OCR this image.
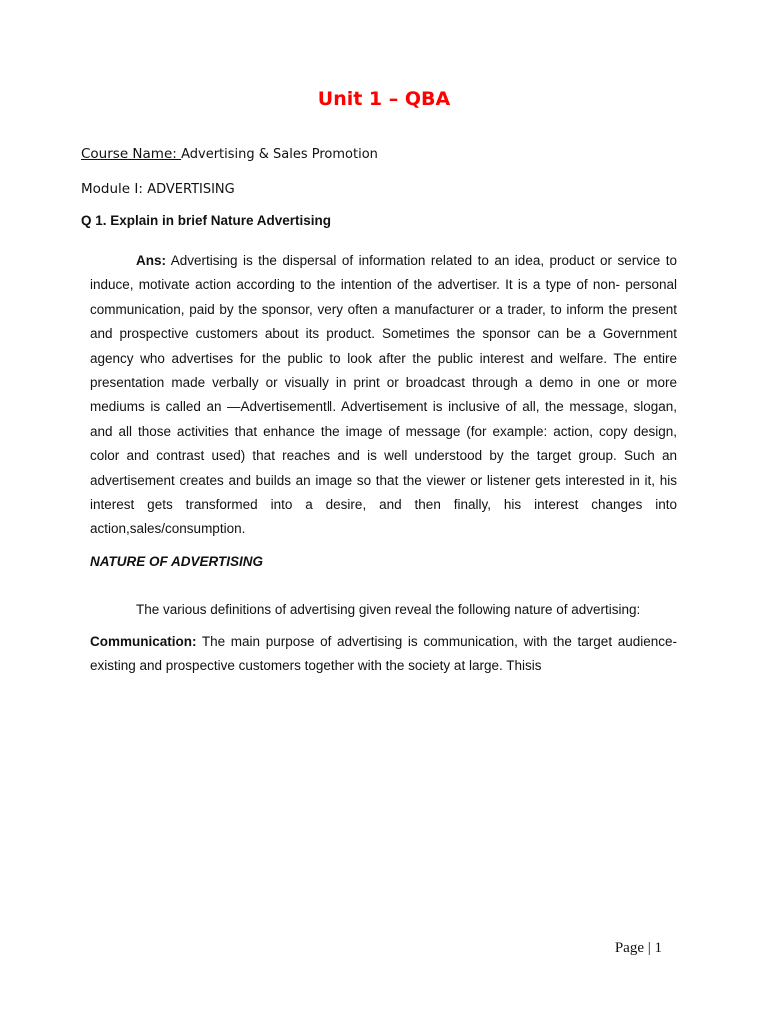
Unit 1 – QBA
Course Name: Advertising & Sales Promotion
Module I: ADVERTISING
Q 1. Explain in brief Nature Advertising
Ans: Advertising is the dispersal of information related to an idea, product or service to induce, motivate action according to the intention of the advertiser. It is a type of non- personal communication, paid by the sponsor, very often a manufacturer or a trader, to inform the present and prospective customers about its product. Sometimes the sponsor can be a Government agency who advertises for the public to look after the public interest and welfare. The entire presentation made verbally or visually in print or broadcast through a demo in one or more mediums is called an —Advertisement‖. Advertisement is inclusive of all, the message, slogan, and all those activities that enhance the image of message (for example: action, copy design, color and contrast used) that reaches and is well understood by the target group. Such an advertisement creates and builds an image so that the viewer or listener gets interested in it, his interest gets transformed into a desire, and then finally, his interest changes into action,sales/consumption.
NATURE OF ADVERTISING
The various definitions of advertising given reveal the following nature of advertising:
Communication: The main purpose of advertising is communication, with the target audience-existing and prospective customers together with the society at large. Thisis
Page | 1
